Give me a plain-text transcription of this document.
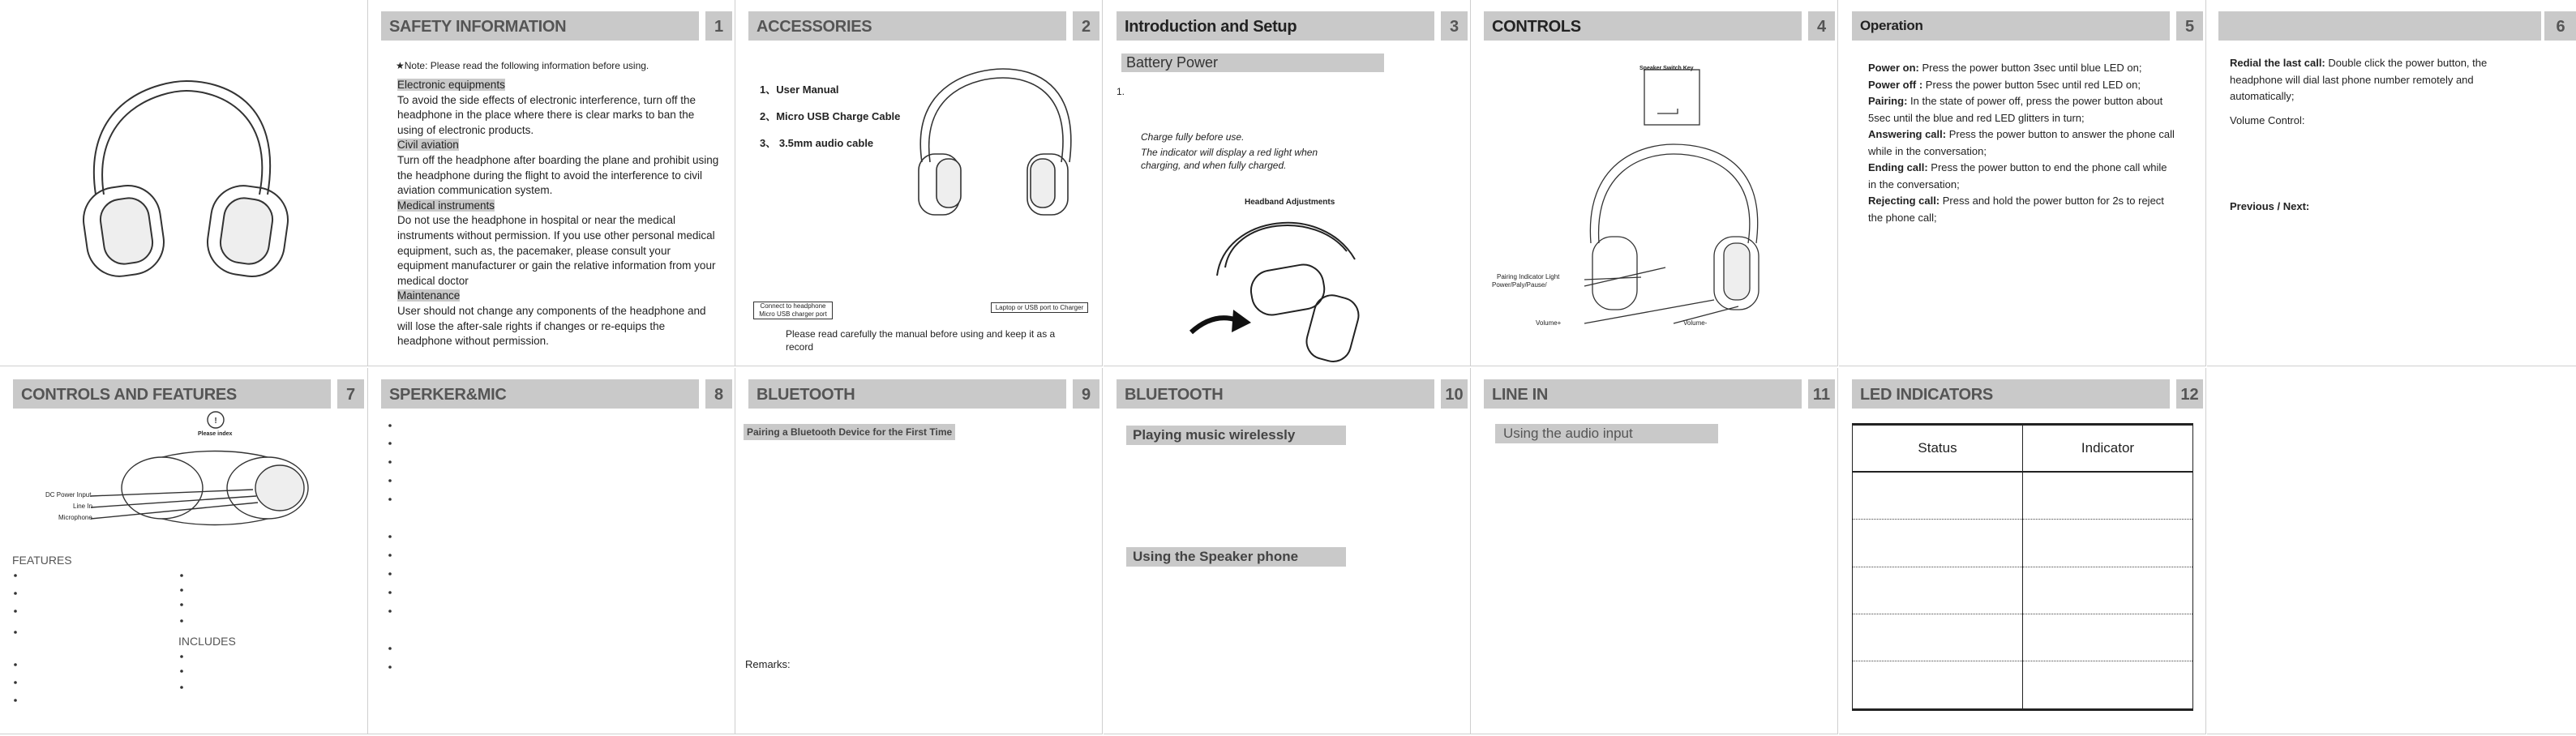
SAFETY INFORMATION	1
★Note: Please read the following information before using.
Electronic equipments
To avoid the side effects of electronic interference, turn off the headphone in the place where there is clear marks to ban the using of electronic products.
Civil aviation
Turn off the headphone after boarding the plane and prohibit using the headphone during the flight to avoid the interference to civil aviation communication system.
Medical instruments
Do not use the headphone in hospital or near the medical instruments without permission. If you use other personal medical equipment, such as, the pacemaker, please consult your equipment manufacturer or gain the relative information from your medical doctor
Maintenance
User should not change any components of the headphone and will lose the after-sale rights if changes or re-equips the headphone without permission.
ACCESSORIES	2
1、User Manual
2、Micro USB Charge Cable
3、 3.5mm audio cable
Connect to headphone Micro USB charger port
Laptop or USB port to Charger
Please read carefully the manual before using and keep it as a record
Introduction and Setup	3
Battery Power
1.
Charge fully before use.
The indicator will display a red light when charging, and when fully charged.
Headband Adjustments
CONTROLS	4
Speaker Switch Key
Pairing Indicator Light
Power/Paly/Pause/
Volume+	Volume-
Operation	5
Power on: Press the power button 3sec until blue LED on;
Power off : Press the power button 5sec until red LED on;
Pairing: In the state of power off, press the power button about 5sec until the blue and red LED glitters in turn;
Answering call: Press the power button to answer the phone call while in the conversation;
Ending call: Press the power button to end the phone call while in the conversation;
Rejecting call: Press and hold the power button for 2s to reject the phone call;
6
Redial the last call: Double click the power button, the headphone will dial last phone number remotely and automatically;
Volume Control:
Previous / Next:
CONTROLS AND FEATURES	7
!
Please index
DC Power Input
Line In
Microphone
FEATURES
INCLUDES
SPERKER&MIC	8	BLUETOOTH	9
Pairing a Bluetooth Device for the First Time
Remarks:
BLUETOOTH	10
Playing music wirelessly
Using the Speaker phone
LINE IN	11
Using the audio input
LED INDICATORS	12
Status	Indicator
